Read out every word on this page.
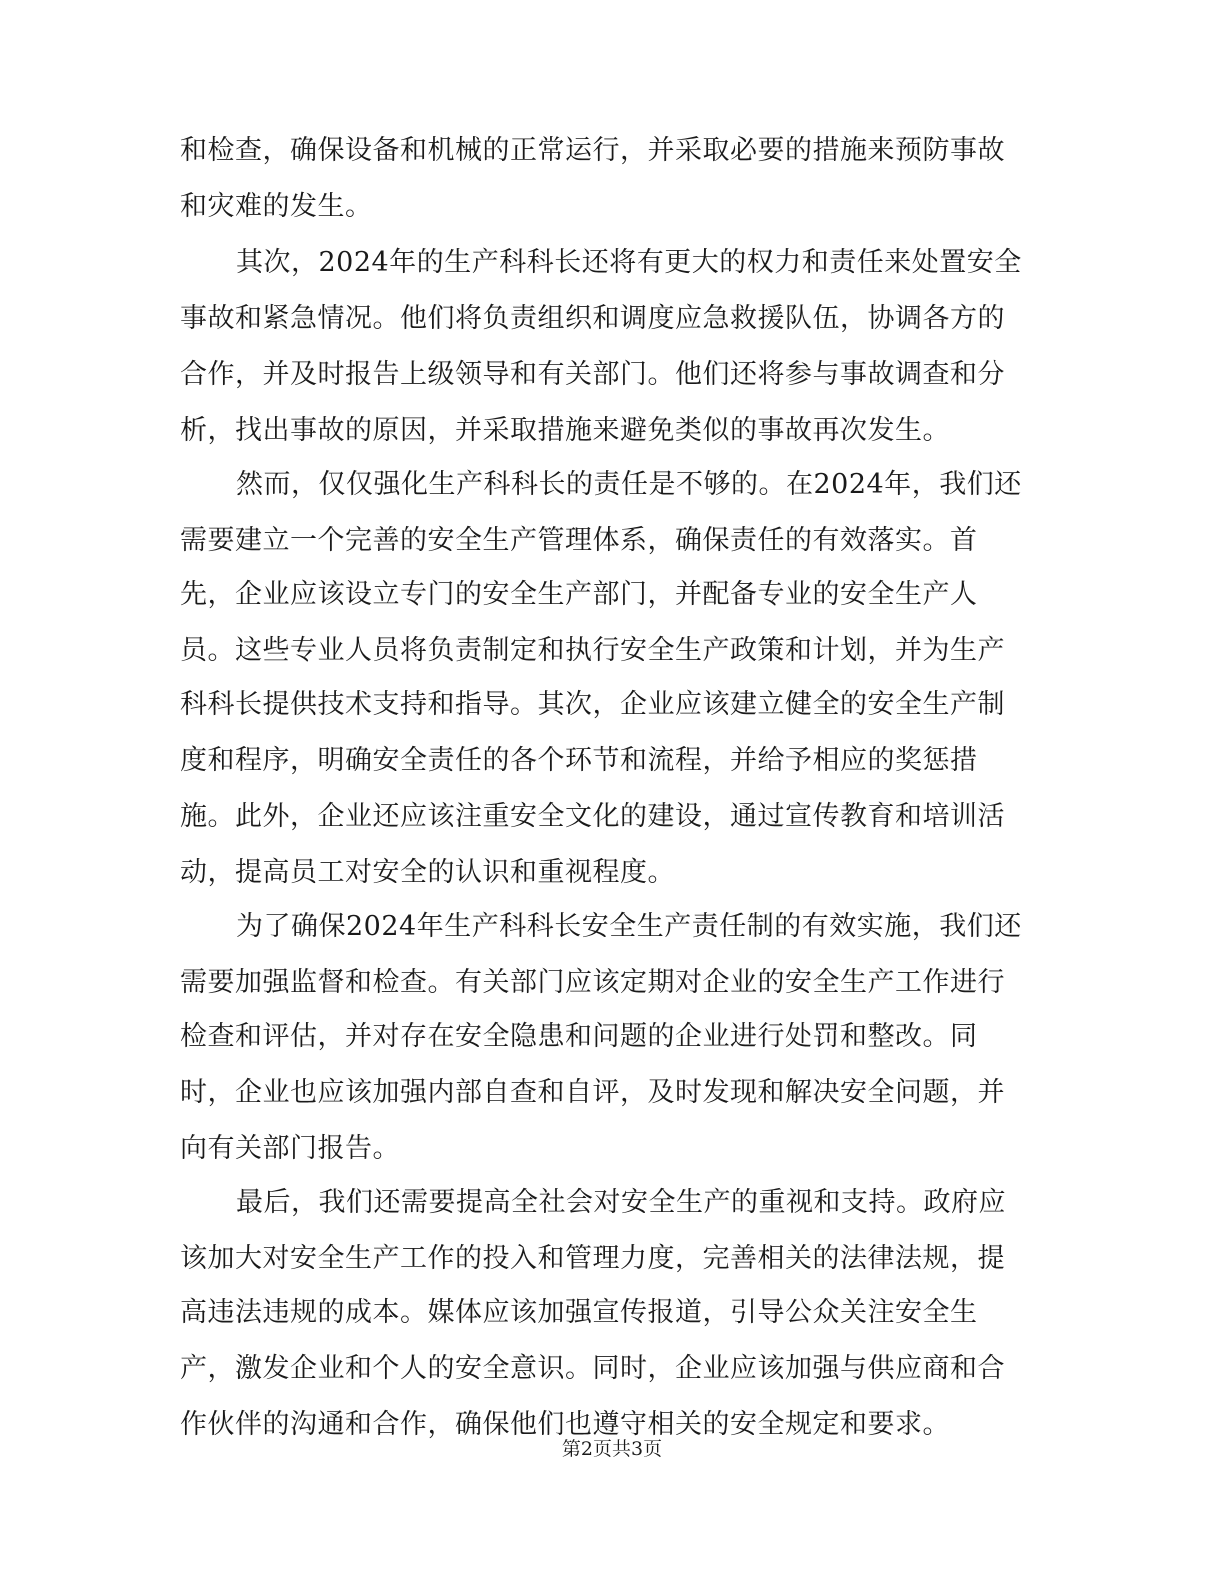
和检查，确保设备和机械的正常运行，并采取必要的措施来预防事故
和灾难的发生。
其次，2024年的生产科科长还将有更大的权力和责任来处置安全
事故和紧急情况。他们将负责组织和调度应急救援队伍，协调各方的
合作，并及时报告上级领导和有关部门。他们还将参与事故调查和分
析，找出事故的原因，并采取措施来避免类似的事故再次发生。
然而，仅仅强化生产科科长的责任是不够的。在2024年，我们还
需要建立一个完善的安全生产管理体系，确保责任的有效落实。首
先，企业应该设立专门的安全生产部门，并配备专业的安全生产人
员。这些专业人员将负责制定和执行安全生产政策和计划，并为生产
科科长提供技术支持和指导。其次，企业应该建立健全的安全生产制
度和程序，明确安全责任的各个环节和流程，并给予相应的奖惩措
施。此外，企业还应该注重安全文化的建设，通过宣传教育和培训活
动，提高员工对安全的认识和重视程度。
为了确保2024年生产科科长安全生产责任制的有效实施，我们还
需要加强监督和检查。有关部门应该定期对企业的安全生产工作进行
检查和评估，并对存在安全隐患和问题的企业进行处罚和整改。同
时，企业也应该加强内部自查和自评，及时发现和解决安全问题，并
向有关部门报告。
最后，我们还需要提高全社会对安全生产的重视和支持。政府应
该加大对安全生产工作的投入和管理力度，完善相关的法律法规，提
高违法违规的成本。媒体应该加强宣传报道，引导公众关注安全生
产，激发企业和个人的安全意识。同时，企业应该加强与供应商和合
作伙伴的沟通和合作，确保他们也遵守相关的安全规定和要求。
第2页共3页
